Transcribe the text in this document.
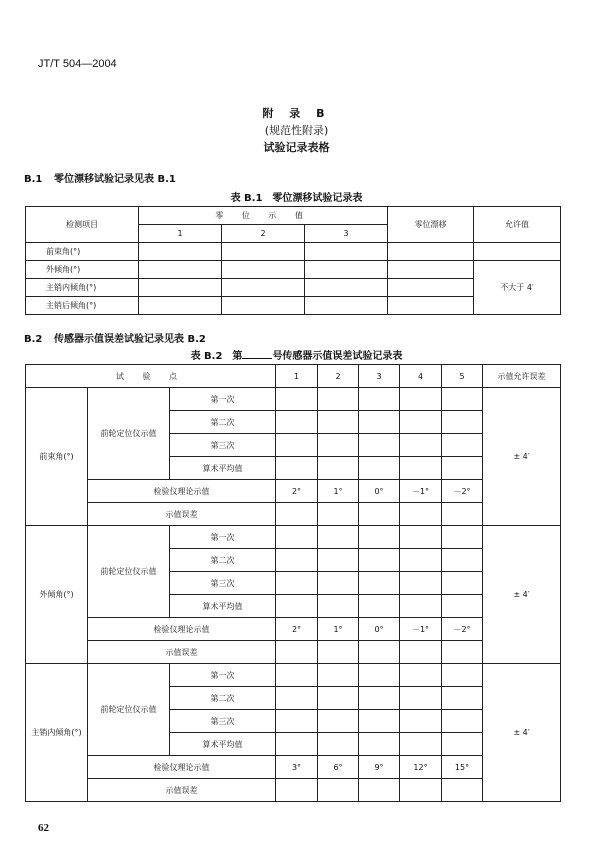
JT/T 504—2004
附 录 B
(规范性附录)
试验记录表格
B.1 零位漂移试验记录见表 B.1
表 B.1　零位漂移试验记录表
检测项目	零 位 示 值			零位漂移	允许值
	1	2	3		
前束角(°)					
外倾角(°)					不大于 4′
主销内倾角(°)					
主销后倾角(°)					
B.2 传感器示值误差试验记录见表 B.2
表 B.2　第	号传感器示值误差试验记录表
试 验 点			1	2	3	4	5	示值允许误差
前束角(°)	前轮定位仪示值	第一次						± 4′
		第二次						
		第三次						
		算术平均值						
	检验仪理论示值		2°	1°	0°	－1°	－2°	
	示值误差							
外倾角(°)	前轮定位仪示值	第一次						± 4′
		第二次						
		第三次						
		算术平均值						
	检验仪理论示值		2°	1°	0°	－1°	－2°	
	示值误差							
主销内倾角(°)	前轮定位仪示值	第一次						± 4′
		第二次						
		第三次						
		算术平均值						
	检验仪理论示值		3°	6°	9°	12°	15°	
	示值误差							
62
